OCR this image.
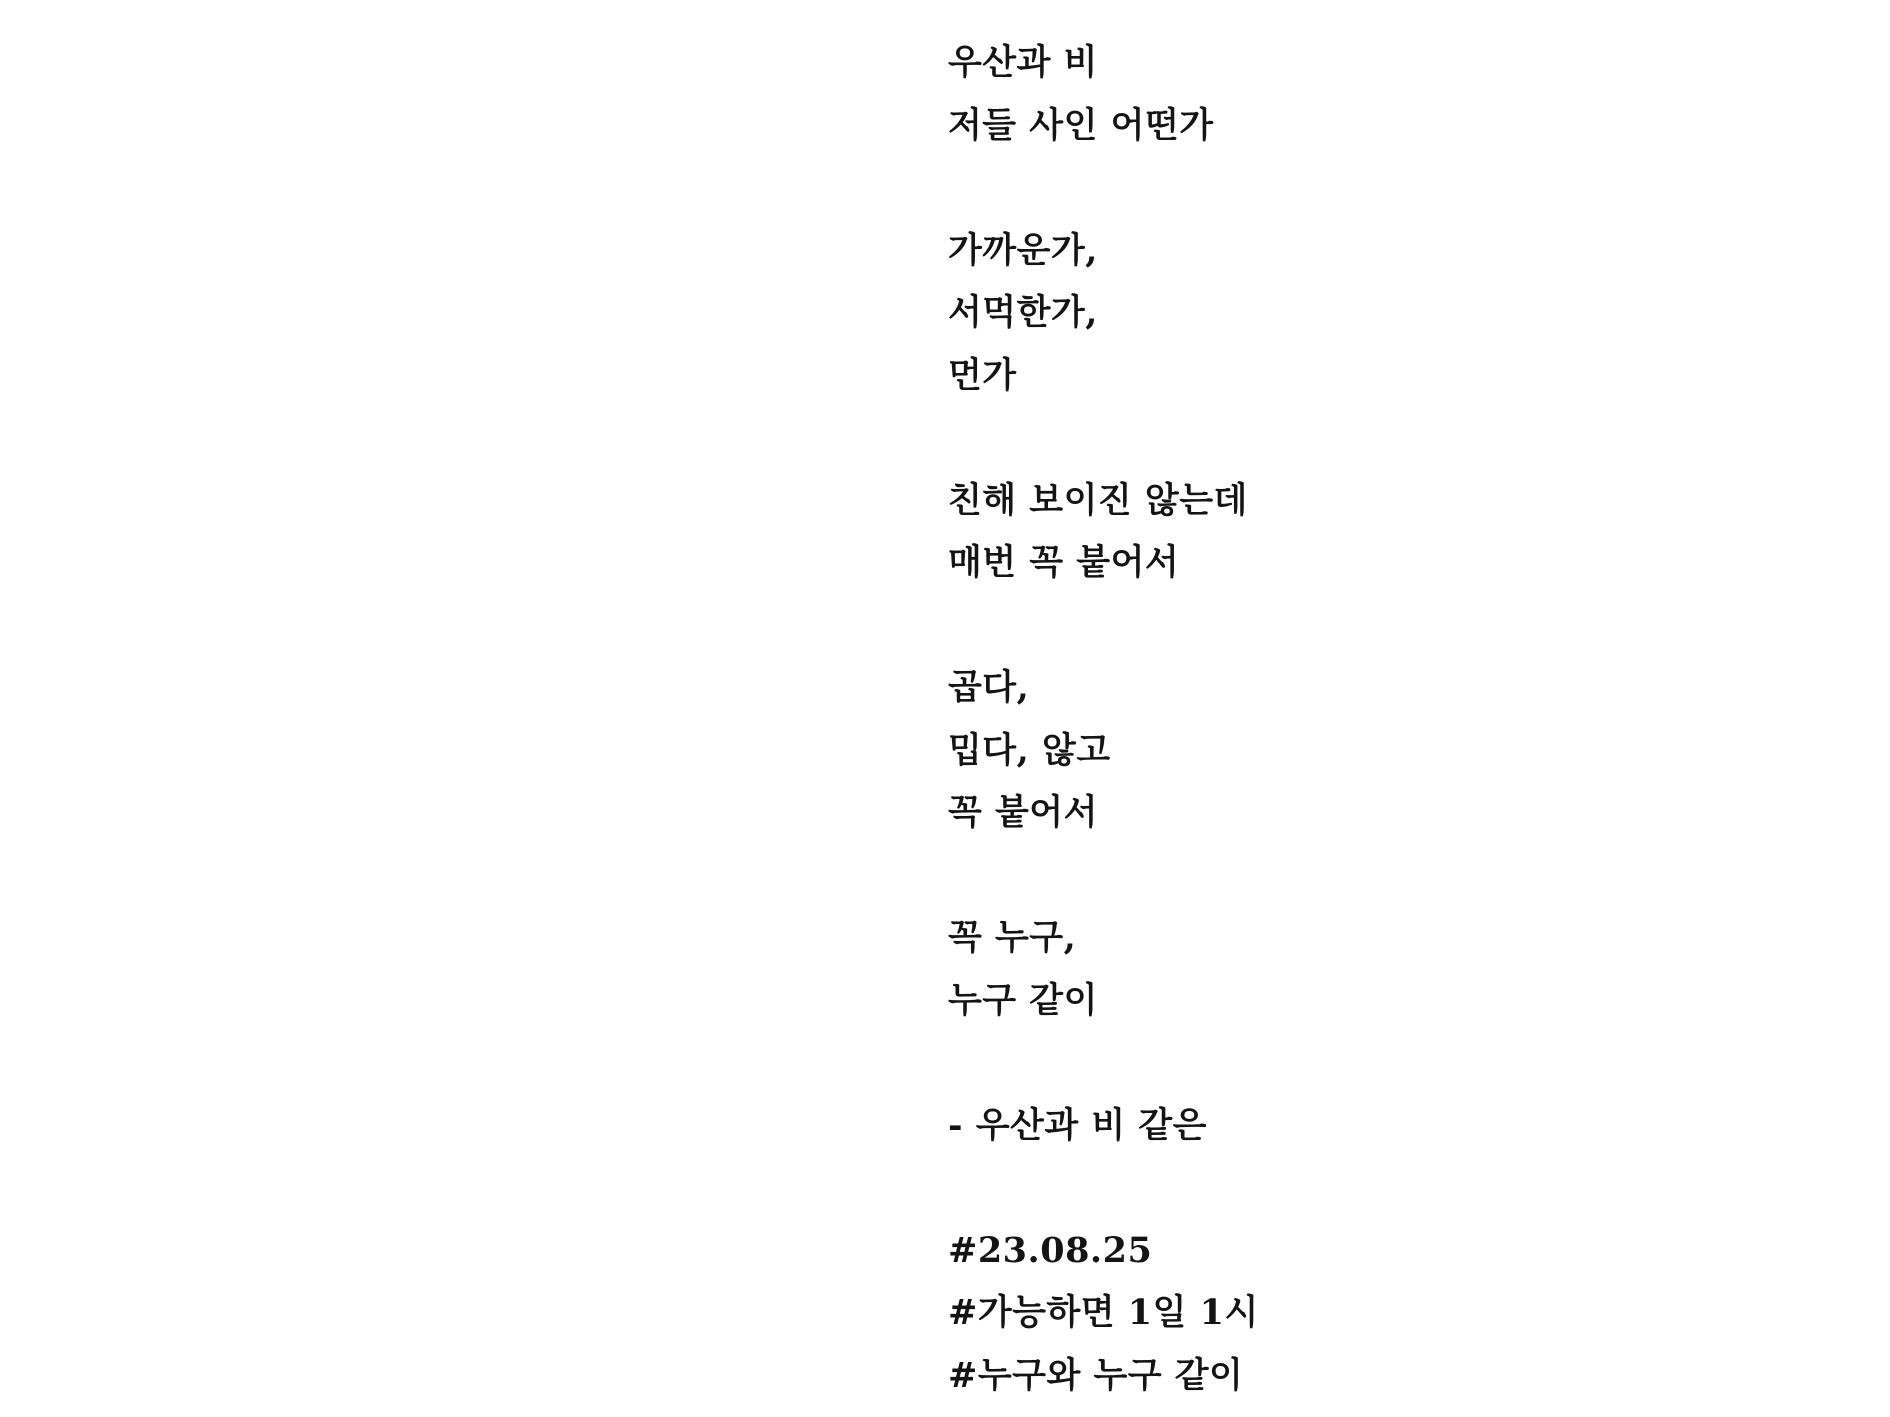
우산과 비
저들 사인 어떤가
가까운가,
서먹한가,
먼가
친해 보이진 않는데
매번 꼭 붙어서
곱다,
밉다, 않고
꼭 붙어서
꼭 누구,
누구 같이
- 우산과 비 같은
#23.08.25
#가능하면 1일 1시
#누구와 누구 같이
